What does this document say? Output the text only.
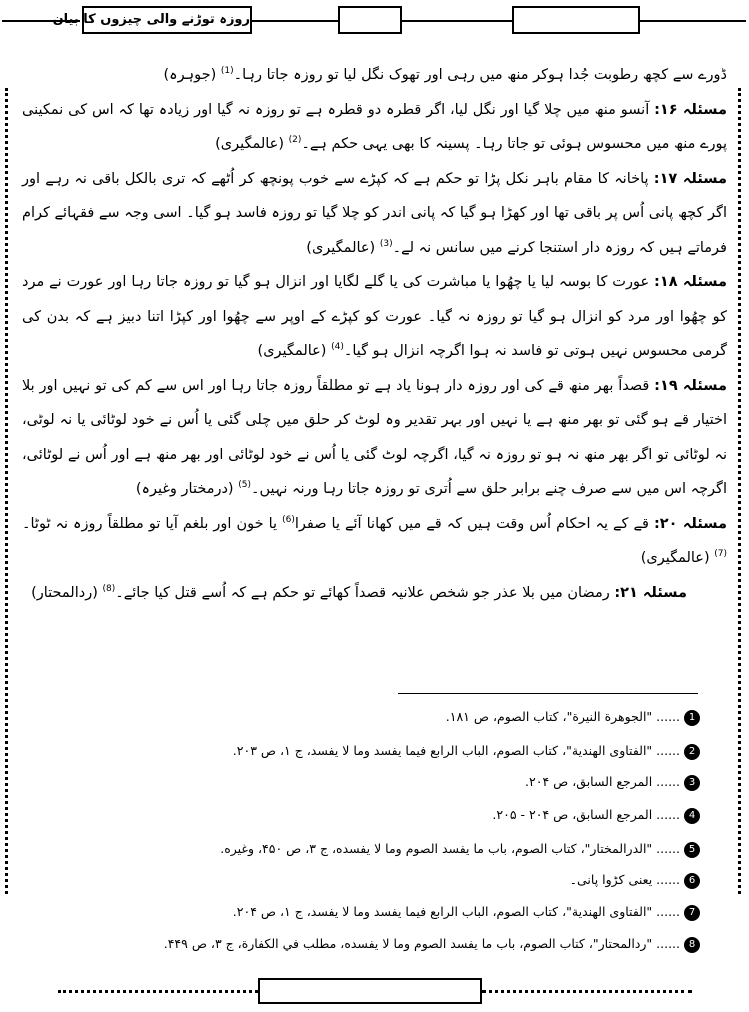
روزہ توڑنے والی چیزوں کا بیان

ڈورے سے کچھ رطوبت جُدا ہوکر منھ میں رہی اور تھوک نگل لیا تو روزہ جاتا رہا۔$^{(1)}$ (جوہرہ)

مسئلہ ۱۶: آنسو منھ میں چلا گیا اور نگل لیا، اگر قطرہ دو قطرہ ہے تو روزہ نہ گیا اور زیادہ تھا کہ اس کی نمکینی پورے منھ میں محسوس ہوئی تو جاتا رہا۔ پسینہ کا بھی یہی حکم ہے۔$^{(2)}$ (عالمگیری)

مسئلہ ۱۷: پاخانہ کا مقام باہر نکل پڑا تو حکم ہے کہ کپڑے سے خوب پونچھ کر اُٹھے کہ تری بالکل باقی نہ رہے اور اگر کچھ پانی اُس پر باقی تھا اور کھڑا ہو گیا کہ پانی اندر کو چلا گیا تو روزہ فاسد ہو گیا۔ اسی وجہ سے فقہائے کرام فرماتے ہیں کہ روزہ دار استنجا کرنے میں سانس نہ لے۔$^{(3)}$ (عالمگیری)

مسئلہ ۱۸: عورت کا بوسہ لیا یا چھُوا یا مباشرت کی یا گلے لگایا اور انزال ہو گیا تو روزہ جاتا رہا اور عورت نے مرد کو چھُوا اور مرد کو انزال ہو گیا تو روزہ نہ گیا۔ عورت کو کپڑے کے اوپر سے چھُوا اور کپڑا اتنا دبیز ہے کہ بدن کی گرمی محسوس نہیں ہوتی تو فاسد نہ ہوا اگرچہ انزال ہو گیا۔$^{(4)}$ (عالمگیری)

مسئلہ ۱۹: قصداً بھر منھ قے کی اور روزہ دار ہونا یاد ہے تو مطلقاً روزہ جاتا رہا اور اس سے کم کی تو نہیں اور بلا اختیار قے ہو گئی تو بھر منھ ہے یا نہیں اور بہر تقدیر وہ لوٹ کر حلق میں چلی گئی یا اُس نے خود لوٹائی یا نہ لوٹی، نہ لوٹائی تو اگر بھر منھ نہ ہو تو روزہ نہ گیا، اگرچہ لوٹ گئی یا اُس نے خود لوٹائی اور بھر منھ ہے اور اُس نے لوٹائی، اگرچہ اس میں سے صرف چنے برابر حلق سے اُتری تو روزہ جاتا رہا ورنہ نہیں۔$^{(5)}$ (درمختار وغیرہ)

مسئلہ ۲۰: قے کے یہ احکام اُس وقت ہیں کہ قے میں کھانا آئے یا صفرا$^{(6)}$ یا خون اور بلغم آیا تو مطلقاً روزہ نہ ٹوٹا۔$^{(7)}$ (عالمگیری)

مسئلہ ۲۱: رمضان میں بلا عذر جو شخص علانیہ قصداً کھائے تو حکم ہے کہ اُسے قتل کیا جائے۔$^{(8)}$ (ردالمحتار)

1...... "الجوهرة النيرة"، كتاب الصوم، ص ۱۸۱.
2...... "الفتاوى الهندية"، كتاب الصوم، الباب الرابع فيما يفسد وما لا يفسد، ج ۱، ص ۲۰۳.
3...... المرجع السابق، ص ۲۰۴.
4...... المرجع السابق، ص ۲۰۴ - ۲۰۵.
5...... "الدرالمختار"، كتاب الصوم، باب ما يفسد الصوم وما لا يفسده، ج ۳، ص ۴۵۰، وغيره.
6...... یعنی کڑوا پانی۔
7...... "الفتاوى الهندية"، كتاب الصوم، الباب الرابع فيما يفسد وما لا يفسد، ج ۱، ص ۲۰۴.
8...... "ردالمحتار"، كتاب الصوم، باب ما يفسد الصوم وما لا يفسده، مطلب في الكفارة، ج ۳، ص ۴۴۹.
